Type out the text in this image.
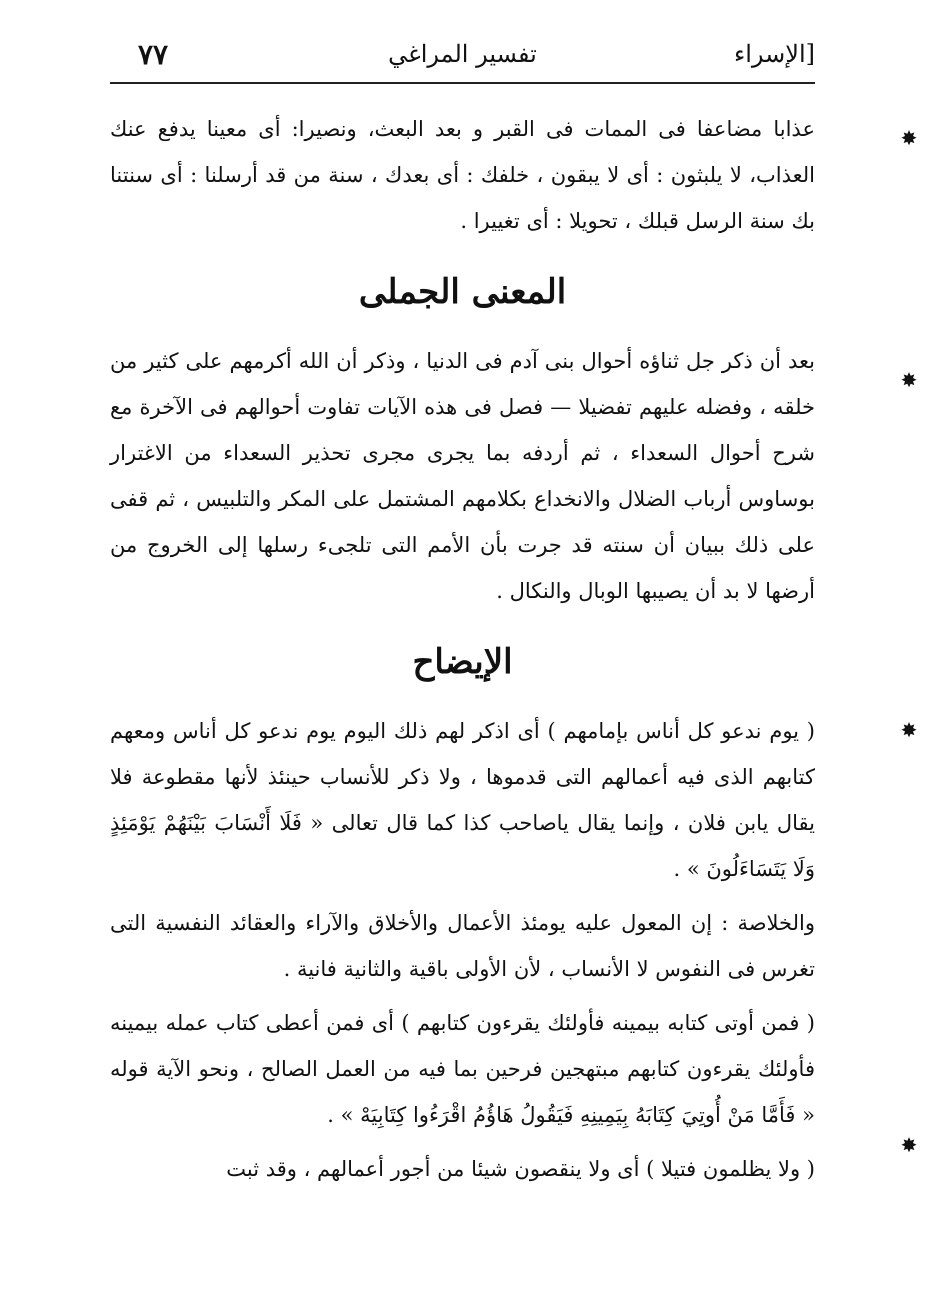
[الإسراء
تفسير المراغي
٧٧

عذابا مضاعفا فى الممات فى القبر و بعد البعث، ونصيرا: أى معينا يدفع عنك العذاب، لا يلبثون : أى لا يبقون ، خلفك : أى بعدك ، سنة من قد أرسلنا : أى سنتنا بك سنة الرسل قبلك ، تحويلا : أى تغييرا .

المعنى الجملى

بعد أن ذكر جل ثناؤه أحوال بنى آدم فى الدنيا ، وذكر أن الله أكرمهم على كثير من خلقه ، وفضله عليهم تفضيلا — فصل فى هذه الآيات تفاوت أحوالهم فى الآخرة مع شرح أحوال السعداء ، ثم أردفه بما يجرى مجرى تحذير السعداء من الاغترار بوساوس أرباب الضلال والانخداع بكلامهم المشتمل على المكر والتلبيس ، ثم قفى على ذلك ببيان أن سنته قد جرت بأن الأمم التى تلجىء رسلها إلى الخروج من أرضها لا بد أن يصيبها الوبال والنكال .

الإيضاح

( يوم ندعو كل أناس بإمامهم ) أى اذكر لهم ذلك اليوم يوم ندعو كل أناس ومعهم كتابهم الذى فيه أعمالهم التى قدموها ، ولا ذكر للأنساب حينئذ لأنها مقطوعة فلا يقال يابن فلان ، وإنما يقال ياصاحب كذا كما قال تعالى « فَلَا أَنْسَابَ بَيْنَهُمْ يَوْمَئِذٍ وَلَا يَتَسَاءَلُونَ » .

والخلاصة : إن المعول عليه يومئذ الأعمال والأخلاق والآراء والعقائد النفسية التى تغرس فى النفوس لا الأنساب ، لأن الأولى باقية والثانية فانية .

( فمن أوتى كتابه بيمينه فأولئك يقرءون كتابهم ) أى فمن أعطى كتاب عمله بيمينه فأولئك يقرءون كتابهم مبتهجين فرحين بما فيه من العمل الصالح ، ونحو الآية قوله « فَأَمَّا مَنْ أُوتِيَ كِتَابَهُ بِيَمِينِهِ فَيَقُولُ هَاؤُمُ اقْرَءُوا كِتَابِيَهْ » .

( ولا يظلمون فتيلا ) أى ولا ينقصون شيئا من أجور أعمالهم ، وقد ثبت

✸
✸
✸
✸
